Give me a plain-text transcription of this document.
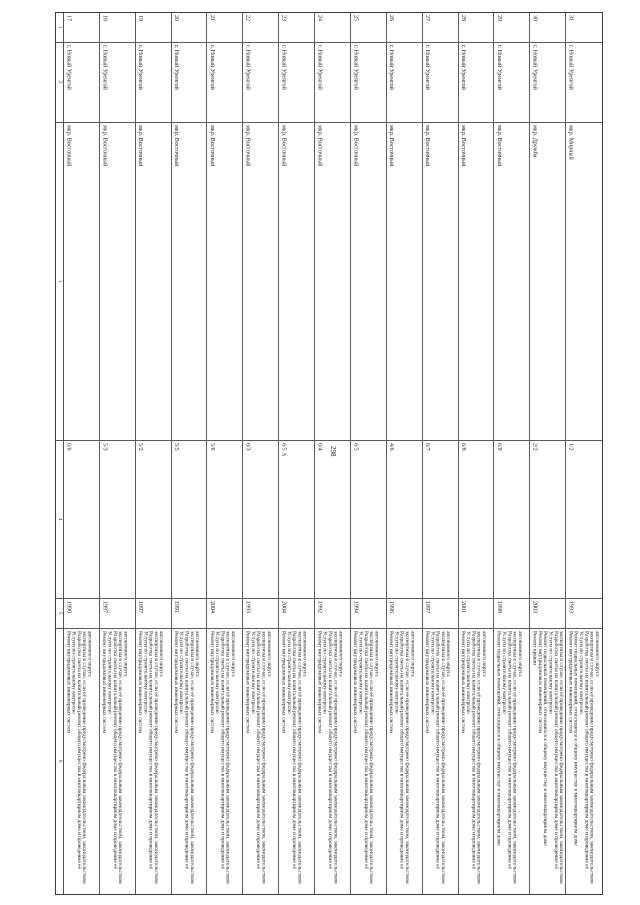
1
2
3
4
5
6
17
г. Новый Уренгой
мкр. Восточный
6/6
1990
Ремонт внутридомовых инженерных систем Услуги по строительному контролю Разработка сметы на капитальный ремонт общего имущества в многоквартирном доме и проведение её экспертизы в случае, если её проведение предусмотрено федеральным законодательством, законодательством автономного округа
18
г. Новый Уренгой
мкр. Восточный
5/3
1997
Ремонт внутридомовых инженерных систем Услуги по строительному контролю Разработка сметы на капитальный ремонт общего имущества в многоквартирном доме и проведение её экспертизы в случае, если её проведение предусмотрено федеральным законодательством, законодательством автономного округа
19
г. Новый Уренгой
мкр. Восточный
5/2
1997
Ремонт внутридомовых инженерных систем Услуги по строительному контролю Разработка сметы на капитальный ремонт общего имущества в многоквартирном доме и проведение её экспертизы в случае, если её проведение предусмотрено федеральным законодательством, законодательством автономного округа
20
г. Новый Уренгой
мкр. Восточный
5/5
1991
Ремонт внутридомовых инженерных систем Услуги по строительному контролю Разработка сметы на капитальный ремонт общего имущества в многоквартирном доме и проведение её экспертизы в случае, если её проведение предусмотрено федеральным законодательством, законодательством автономного округа
21
г. Новый Уренгой
мкр. Восточный
5/6
2004
Ремонт внутридомовых инженерных систем Услуги по строительному контролю Разработка сметы на капитальный ремонт общего имущества в многоквартирном доме и проведение её экспертизы в случае, если её проведение предусмотрено федеральным законодательством, законодательством автономного округа
22
г. Новый Уренгой
мкр. Восточный
6/3
1993
Ремонт внутридомовых инженерных систем Услуги по строительному контролю Разработка сметы на капитальный ремонт общего имущества в многоквартирном доме и проведение её экспертизы в случае, если её проведение предусмотрено федеральным законодательством, законодательством автономного округа
23
г. Новый Уренгой
мкр. Восточный
6/5 А
2004
Ремонт внутридомовых инженерных систем Услуги по строительному контролю Разработка сметы на капитальный ремонт общего имущества в многоквартирном доме и проведение её экспертизы в случае, если её проведение предусмотрено федеральным законодательством, законодательством автономного округа
24
г. Новый Уренгой
мкр. Восточный
6/4
1992
Ремонт внутридомовых инженерных систем Услуги по строительному контролю Разработка сметы на капитальный ремонт общего имущества в многоквартирном доме и проведение её экспертизы в случае, если её проведение предусмотрено федеральным законодательством, законодательством автономного округа
25
г. Новый Уренгой
мкр. Восточный
6/5
1994
Ремонт внутридомовых инженерных систем Услуги по строительному контролю Разработка сметы на капитальный ремонт общего имущества в многоквартирном доме и проведение её экспертизы в случае, если её проведение предусмотрено федеральным законодательством, законодательством автономного округа
26
г. Новый Уренгой
мкр. Восточный
4/6
1996
Ремонт внутридомовых инженерных систем Услуги по строительному контролю Разработка сметы на капитальный ремонт общего имущества в многоквартирном доме и проведение её экспертизы в случае, если её проведение предусмотрено федеральным законодательством, законодательством автономного округа
27
г. Новый Уренгой
мкр. Восточный
6/7
1997
Ремонт внутридомовых инженерных систем Услуги по строительному контролю Разработка сметы на капитальный ремонт общего имущества в многоквартирном доме и проведение её экспертизы в случае, если её проведение предусмотрено федеральным законодательством, законодательством автономного округа
28
г. Новый Уренгой
мкр. Восточный
6/8
2001
Ремонт внутридомовых инженерных систем Услуги по строительному контролю Разработка сметы на капитальный ремонт общего имущества в многоквартирном доме и проведение её экспертизы в случае, если её проведение предусмотрено федеральным законодательством, законодательством автономного округа
29
г. Новый Уренгой
мкр. Восточный
6/9
1998
Ремонт подвальных помещений, относящихся к общему имуществу в многоквартирном доме Услуги по строительному контролю Разработка сметы на капитальный ремонт общего имущества в многоквартирном доме и проведение её экспертизы в случае, если её проведение предусмотрено федеральным законодательством, законодательством автономного округа
30
г. Новый Уренгой
мкр. Дружба
2/2
2003
Ремонт крыши Ремонт внутридомовых инженерных систем Ремонт подвальных помещений, относящихся к общему имуществу в многоквартирном доме Услуги по строительному контролю Разработка сметы на капитальный ремонт общего имущества в многоквартирном доме и проведение её экспертизы в случае, если её проведение предусмотрено федеральным законодательством, законодательством автономного округа
31
г. Новый Уренгой
мкр. Мирный
1/2
1993
Ремонт внутридомовых инженерных систем Ремонт подвальных помещений, относящихся к общему имуществу в многоквартирном доме Услуги по строительному контролю Разработка сметы на капитальный ремонт общего имущества в многоквартирном доме и проведение её экспертизы в случае, если её проведение предусмотрено федеральным законодательством, законодательством автономного округа
298
